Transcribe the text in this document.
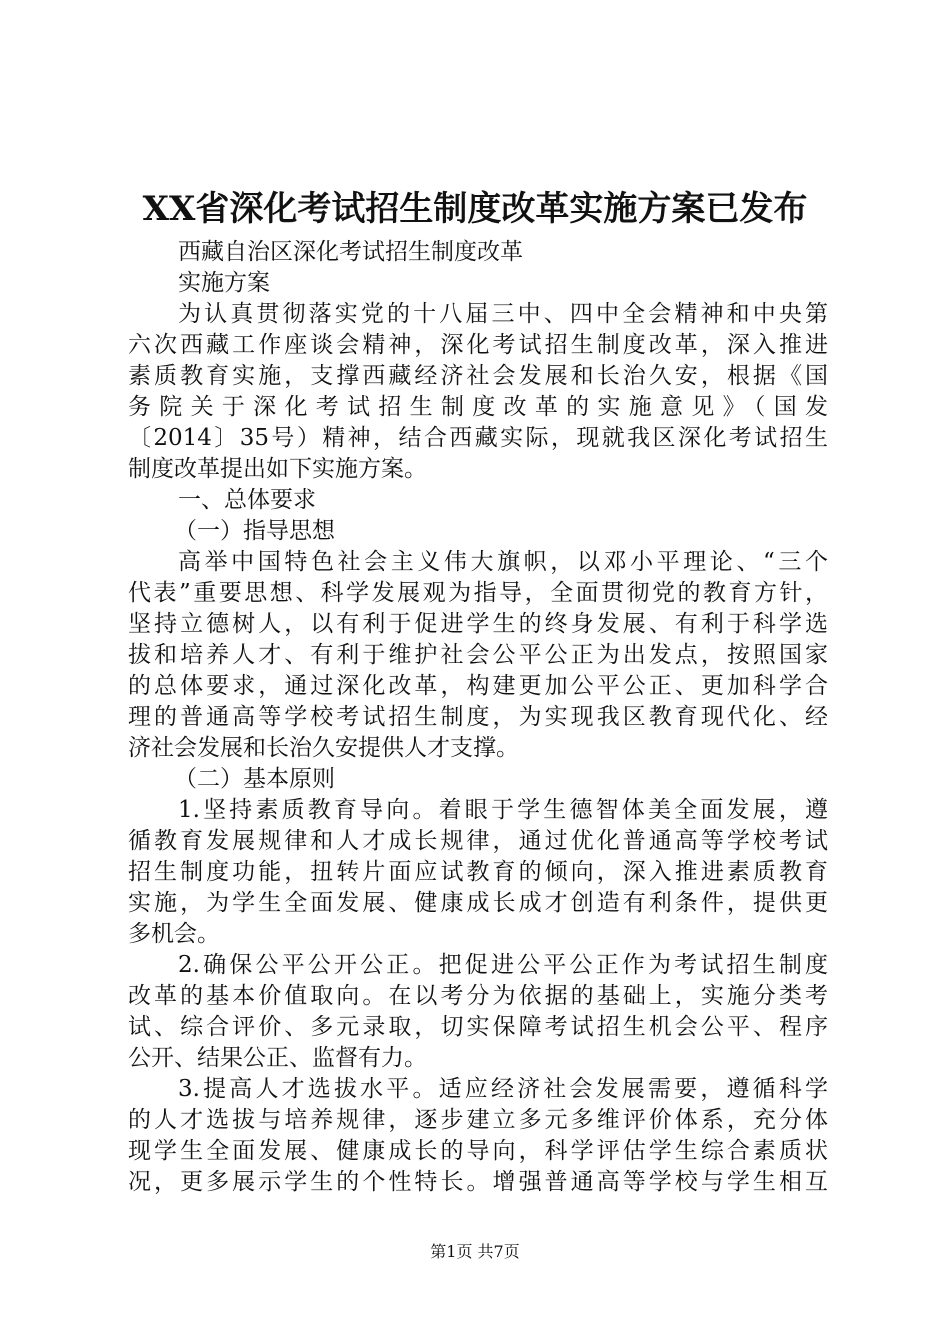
XX省深化考试招生制度改革实施方案已发布
西藏自治区深化考试招生制度改革
实施方案
为认真贯彻落实党的十八届三中、四中全会精神和中央第
六次西藏工作座谈会精神，深化考试招生制度改革，深入推进
素质教育实施，支撑西藏经济社会发展和长治久安，根据《国
务院关于深化考试招生制度改革的实施意见》（国发
〔2014〕35号）精神，结合西藏实际，现就我区深化考试招生
制度改革提出如下实施方案。
一、总体要求
（一）指导思想
高举中国特色社会主义伟大旗帜，以邓小平理论、“三个
代表”重要思想、科学发展观为指导，全面贯彻党的教育方针，
坚持立德树人，以有利于促进学生的终身发展、有利于科学选
拔和培养人才、有利于维护社会公平公正为出发点，按照国家
的总体要求，通过深化改革，构建更加公平公正、更加科学合
理的普通高等学校考试招生制度，为实现我区教育现代化、经
济社会发展和长治久安提供人才支撑。
（二）基本原则
1.坚持素质教育导向。着眼于学生德智体美全面发展，遵
循教育发展规律和人才成长规律，通过优化普通高等学校考试
招生制度功能，扭转片面应试教育的倾向，深入推进素质教育
实施，为学生全面发展、健康成长成才创造有利条件，提供更
多机会。
2.确保公平公开公正。把促进公平公正作为考试招生制度
改革的基本价值取向。在以考分为依据的基础上，实施分类考
试、综合评价、多元录取，切实保障考试招生机会公平、程序
公开、结果公正、监督有力。
3.提高人才选拔水平。适应经济社会发展需要，遵循科学
的人才选拔与培养规律，逐步建立多元多维评价体系，充分体
现学生全面发展、健康成长的导向，科学评估学生综合素质状
况，更多展示学生的个性特长。增强普通高等学校与学生相互
第1页 共7页
